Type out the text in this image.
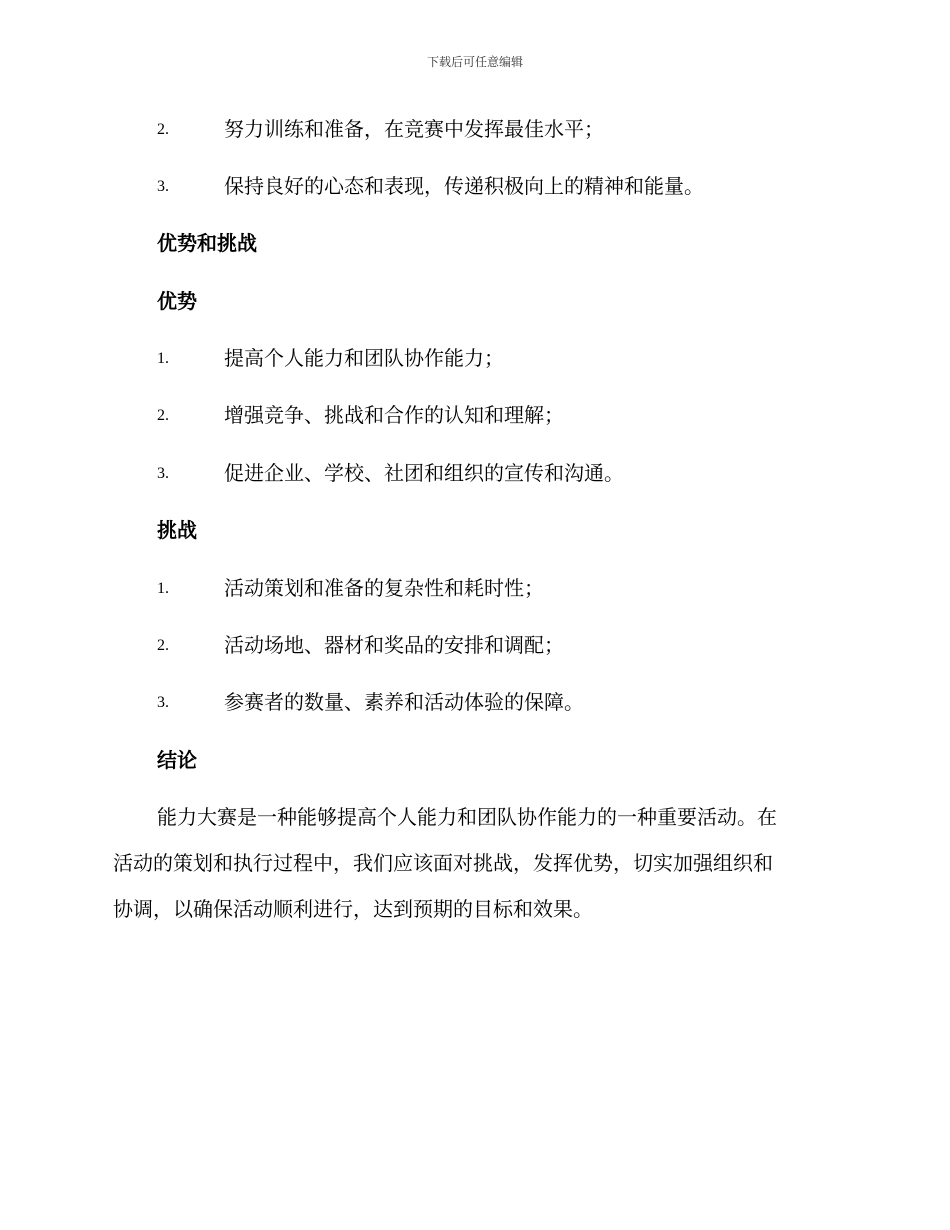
下载后可任意编辑
2.	努力训练和准备，在竞赛中发挥最佳水平；
3.	保持良好的心态和表现，传递积极向上的精神和能量。
优势和挑战
优势
1.	提高个人能力和团队协作能力；
2.	增强竞争、挑战和合作的认知和理解；
3.	促进企业、学校、社团和组织的宣传和沟通。
挑战
1.	活动策划和准备的复杂性和耗时性；
2.	活动场地、器材和奖品的安排和调配；
3.	参赛者的数量、素养和活动体验的保障。
结论
能力大赛是一种能够提高个人能力和团队协作能力的一种重要活动。在
活动的策划和执行过程中，我们应该面对挑战，发挥优势，切实加强组织和
协调，以确保活动顺利进行，达到预期的目标和效果。
